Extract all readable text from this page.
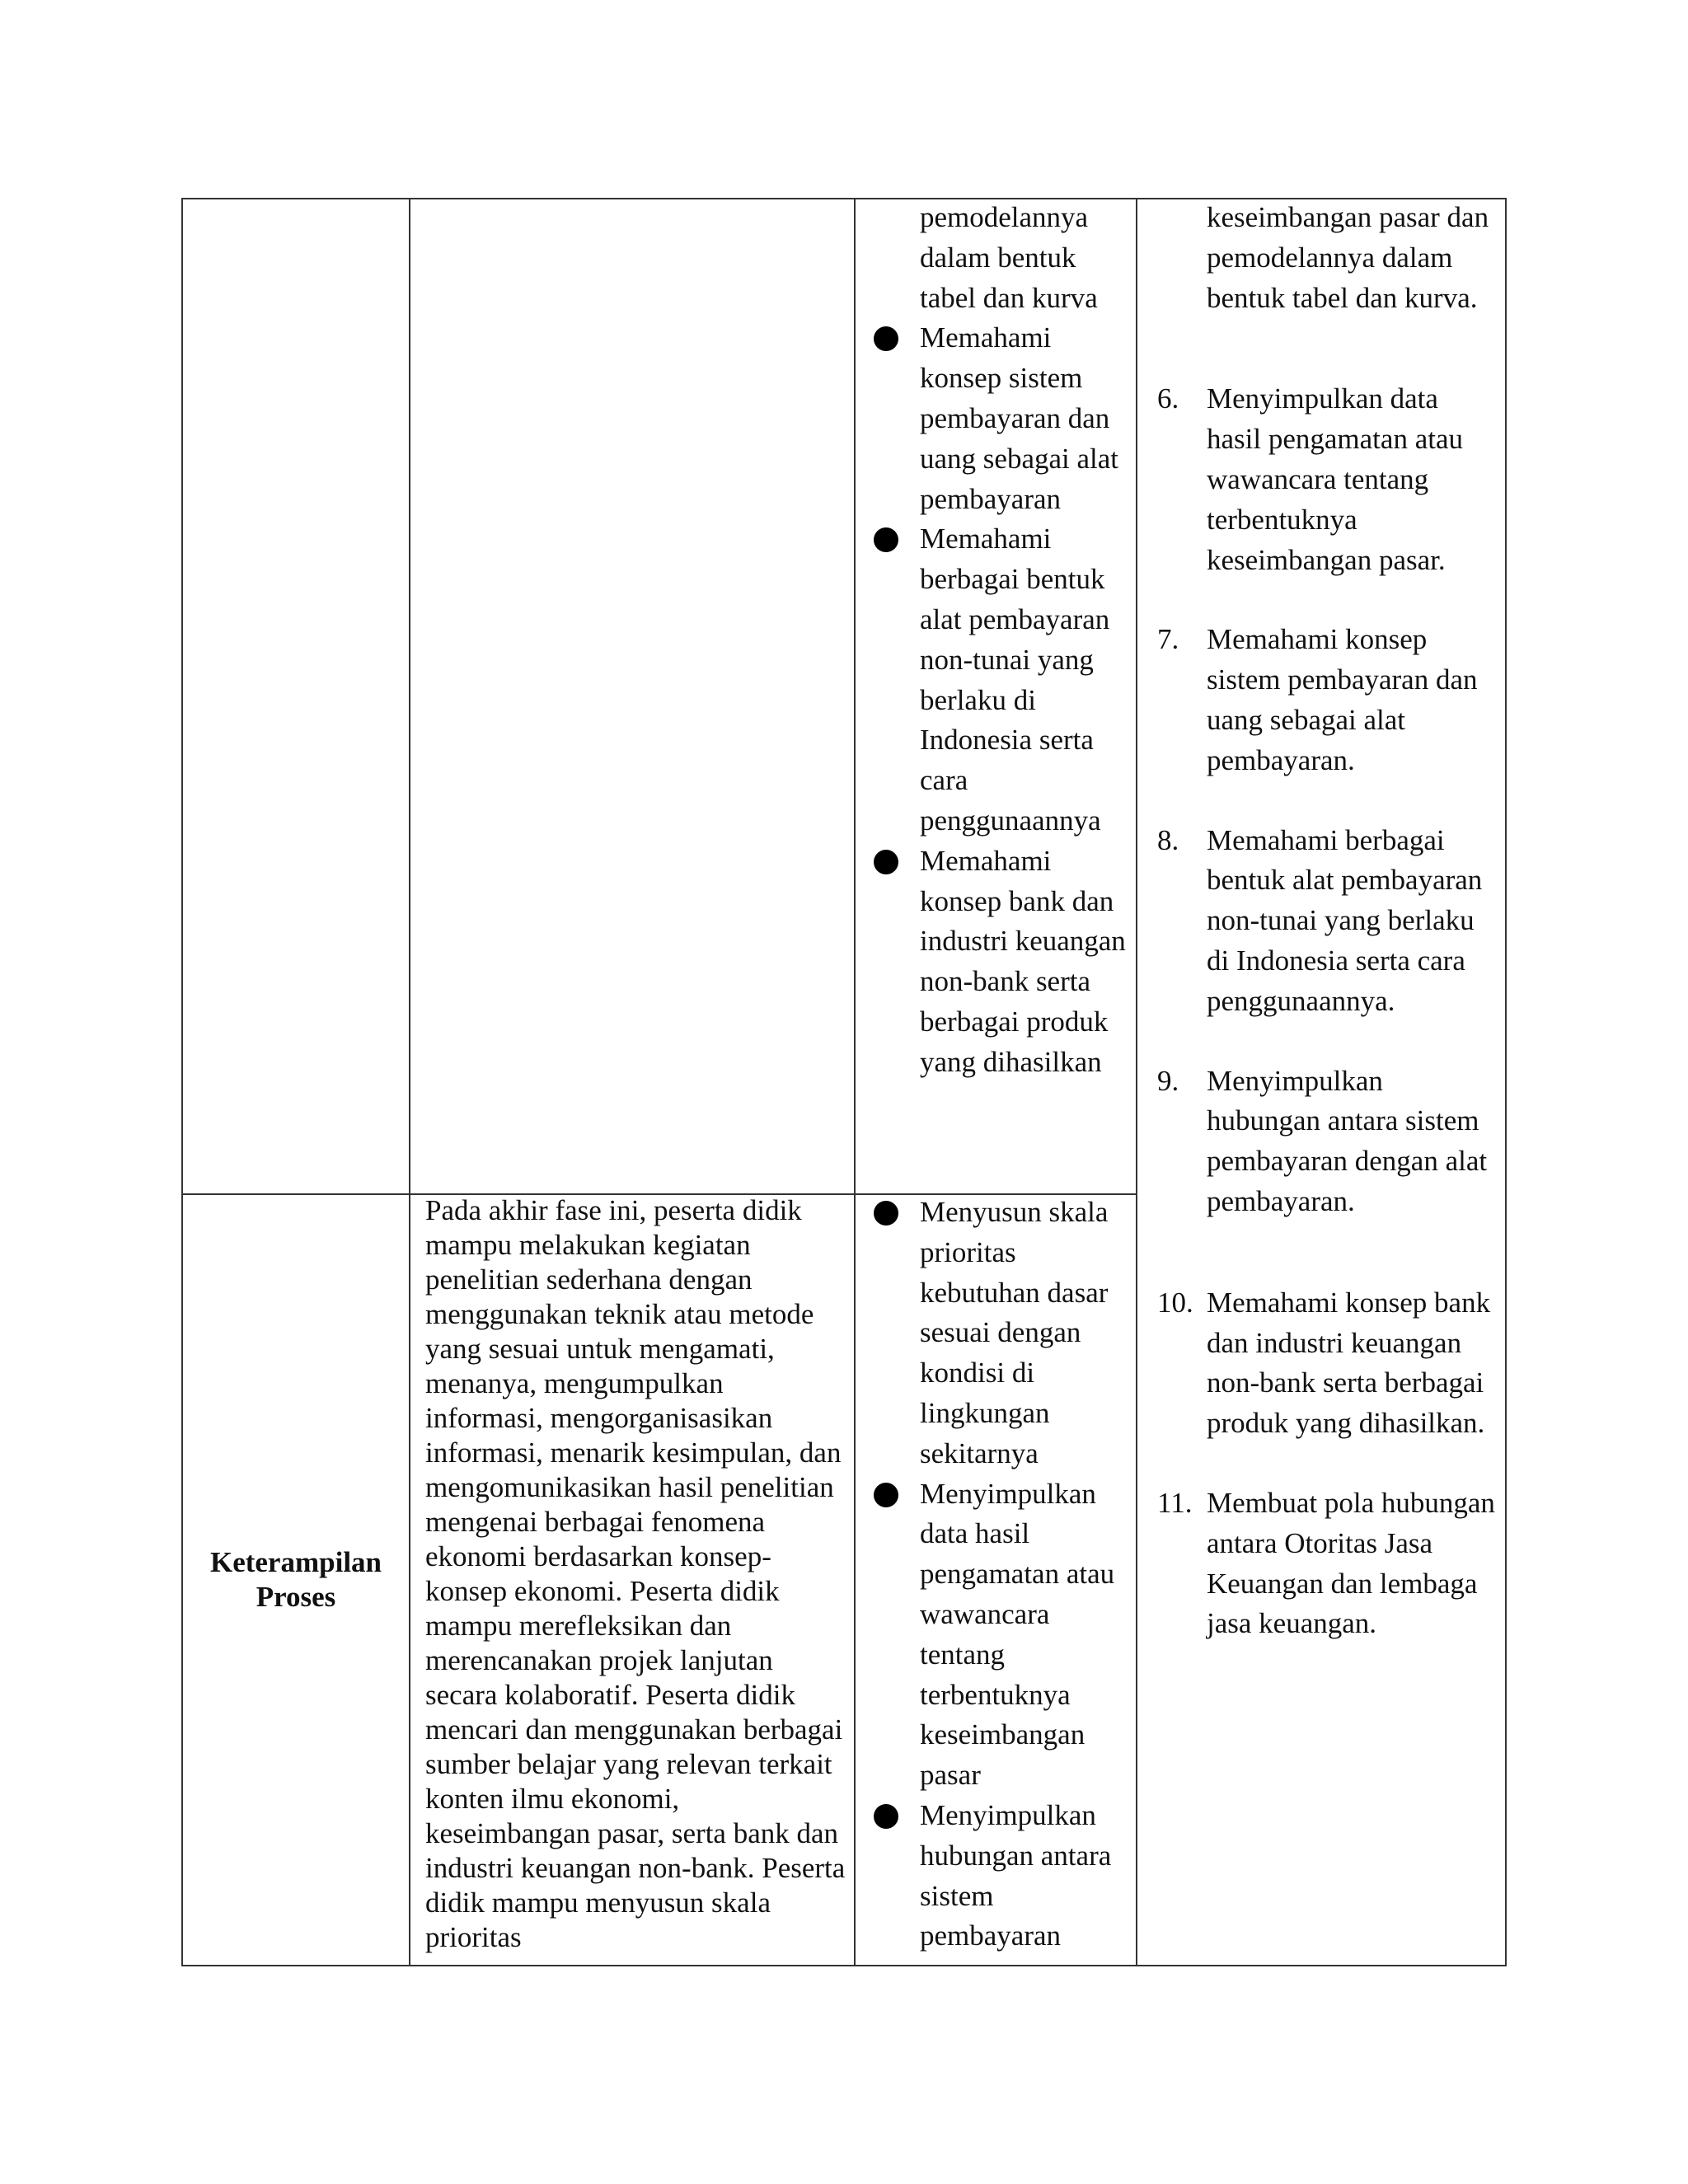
pemodelannya
dalam bentuk
tabel dan kurva
Memahami konsep sistem pembayaran dan uang sebagai alat pembayaran
Memahami berbagai bentuk alat pembayaran non-tunai yang berlaku di Indonesia serta cara penggunaannya
Memahami konsep bank dan industri keuangan non-bank serta berbagai produk yang dihasilkan
Keterampilan Proses
Pada akhir fase ini, peserta didik mampu melakukan kegiatan penelitian sederhana dengan menggunakan teknik atau metode yang sesuai untuk mengamati, menanya, mengumpulkan informasi, mengorganisasikan informasi, menarik kesimpulan, dan mengomunikasikan hasil penelitian mengenai berbagai fenomena ekonomi berdasarkan konsep-konsep ekonomi. Peserta didik mampu merefleksikan dan merencanakan projek lanjutan secara kolaboratif. Peserta didik mencari dan menggunakan berbagai sumber belajar yang relevan terkait konten ilmu ekonomi, keseimbangan pasar, serta bank dan industri keuangan non-bank. Peserta didik mampu menyusun skala prioritas
Menyusun skala prioritas kebutuhan dasar sesuai dengan kondisi di lingkungan sekitarnya
Menyimpulkan data hasil pengamatan atau wawancara tentang terbentuknya keseimbangan pasar
Menyimpulkan hubungan antara sistem pembayaran
keseimbangan pasar dan pemodelannya dalam bentuk tabel dan kurva.
6. Menyimpulkan data hasil pengamatan atau wawancara tentang terbentuknya keseimbangan pasar.
7. Memahami konsep sistem pembayaran dan uang sebagai alat pembayaran.
8. Memahami berbagai bentuk alat pembayaran non-tunai yang berlaku di Indonesia serta cara penggunaannya.
9. Menyimpulkan hubungan antara sistem pembayaran dengan alat pembayaran.
10. Memahami konsep bank dan industri keuangan non-bank serta berbagai produk yang dihasilkan.
11. Membuat pola hubungan antara Otoritas Jasa Keuangan dan lembaga jasa keuangan.
